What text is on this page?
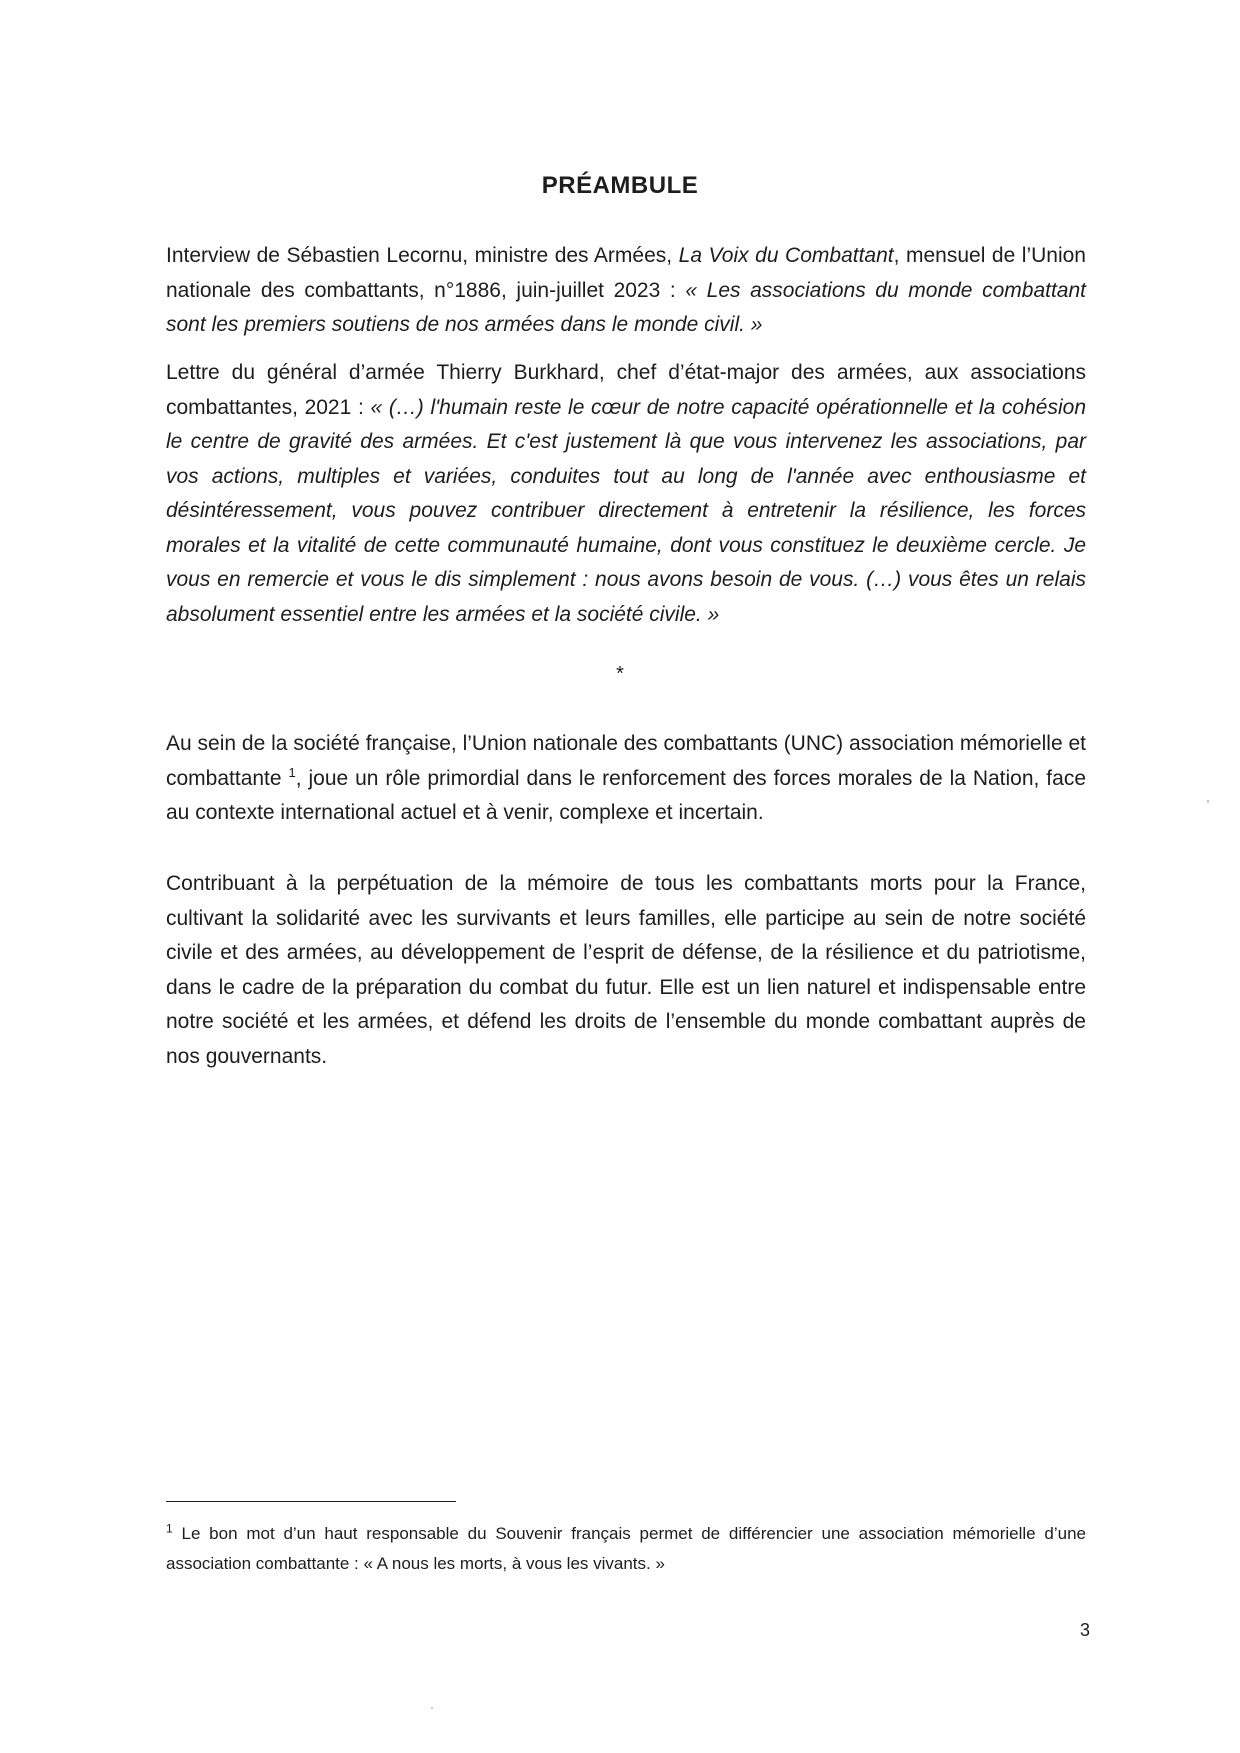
PRÉAMBULE

Interview de Sébastien Lecornu, ministre des Armées, La Voix du Combattant, mensuel de l’Union nationale des combattants, n°1886, juin-juillet 2023 : « Les associations du monde combattant sont les premiers soutiens de nos armées dans le monde civil. »

Lettre du général d’armée Thierry Burkhard, chef d’état-major des armées, aux associations combattantes, 2021 : « (…) l'humain reste le cœur de notre capacité opérationnelle et la cohésion le centre de gravité des armées. Et c'est justement là que vous intervenez les associations, par vos actions, multiples et variées, conduites tout au long de l'année avec enthousiasme et désintéressement, vous pouvez contribuer directement à entretenir la résilience, les forces morales et la vitalité de cette communauté humaine, dont vous constituez le deuxième cercle. Je vous en remercie et vous le dis simplement : nous avons besoin de vous. (…) vous êtes un relais absolument essentiel entre les armées et la société civile. »

*

Au sein de la société française, l’Union nationale des combattants (UNC) association mémorielle et combattante $^1$, joue un rôle primordial dans le renforcement des forces morales de la Nation, face au contexte international actuel et à venir, complexe et incertain.

Contribuant à la perpétuation de la mémoire de tous les combattants morts pour la France, cultivant la solidarité avec les survivants et leurs familles, elle participe au sein de notre société civile et des armées, au développement de l’esprit de défense, de la résilience et du patriotisme, dans le cadre de la préparation du combat du futur. Elle est un lien naturel et indispensable entre notre société et les armées, et défend les droits de l’ensemble du monde combattant auprès de nos gouvernants.

$^1$ Le bon mot d’un haut responsable du Souvenir français permet de différencier une association mémorielle d’une association combattante : « A nous les morts, à vous les vivants. »
3
